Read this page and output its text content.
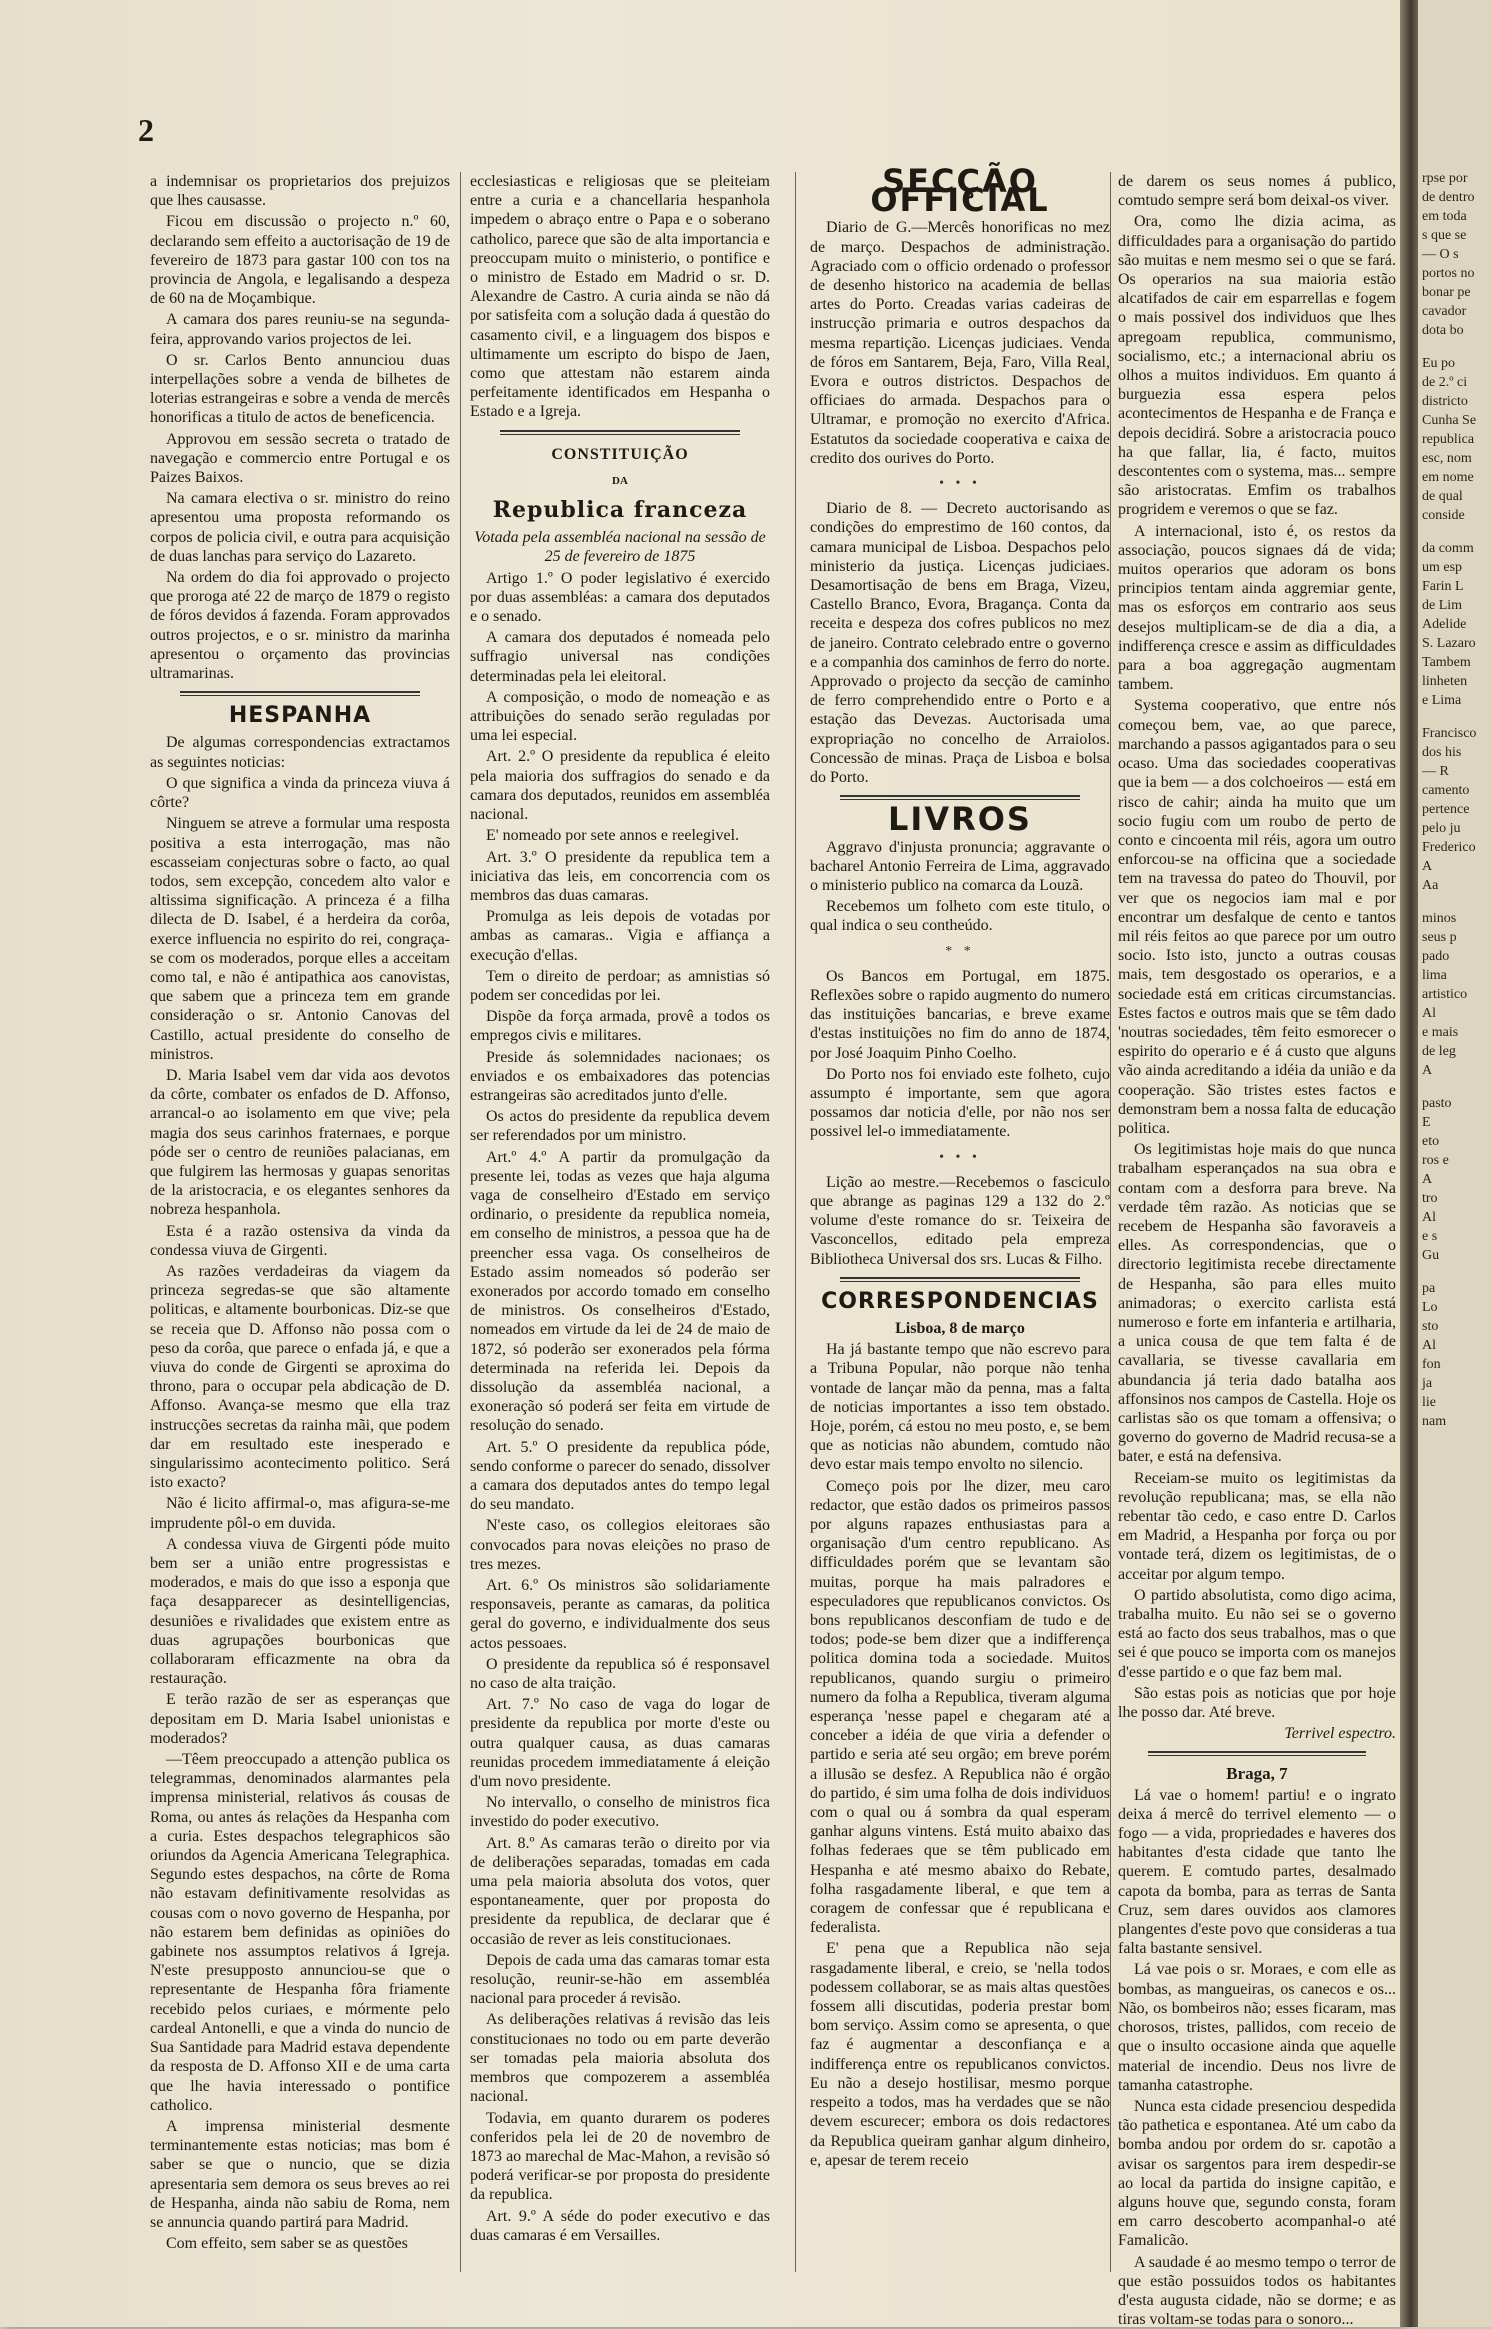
2

a indemnisar os proprietarios dos prejuizos que lhes causasse.

Ficou em discussão o projecto n.º 60, declarando sem effeito a auctorisação de 19 de fevereiro de 1873 para gastar 100 con tos na provincia de Angola, e legalisando a despeza de 60 na de Moçambique.

A camara dos pares reuniu-se na segunda-feira, approvando varios projectos de lei.

O sr. Carlos Bento annunciou duas interpellações sobre a venda de bilhetes de loterias estrangeiras e sobre a venda de mercês honorificas a titulo de actos de beneficencia.

Approvou em sessão secreta o tratado de navegação e commercio entre Portugal e os Paizes Baixos.

Na camara electiva o sr. ministro do reino apresentou uma proposta reformando os corpos de policia civil, e outra para acquisição de duas lanchas para serviço do Lazareto.

Na ordem do dia foi approvado o projecto que proroga até 22 de março de 1879 o registo de fóros devidos á fazenda. Foram approvados outros projectos, e o sr. ministro da marinha apresentou o orçamento das provincias ultramarinas.

HESPANHA

De algumas correspondencias extractamos as seguintes noticias:

O que significa a vinda da princeza viuva á côrte?

Ninguem se atreve a formular uma resposta positiva a esta interrogação, mas não escasseiam conjecturas sobre o facto, ao qual todos, sem excepção, concedem alto valor e altissima significação. A princeza é a filha dilecta de D. Isabel, é a herdeira da corôa, exerce influencia no espirito do rei, congraça-se com os moderados, porque elles a acceitam como tal, e não é antipathica aos canovistas, que sabem que a princeza tem em grande consideração o sr. Antonio Canovas del Castillo, actual presidente do conselho de ministros.

D. Maria Isabel vem dar vida aos devotos da côrte, combater os enfados de D. Affonso, arrancal-o ao isolamento em que vive; pela magia dos seus carinhos fraternaes, e porque póde ser o centro de reuniões palacianas, em que fulgirem las hermosas y guapas senoritas de la aristocracia, e os elegantes senhores da nobreza hespanhola.

Esta é a razão ostensiva da vinda da condessa viuva de Girgenti.

As razões verdadeiras da viagem da princeza segredas-se que são altamente politicas, e altamente bourbonicas. Diz-se que se receia que D. Affonso não possa com o peso da corôa, que parece o enfada já, e que a viuva do conde de Girgenti se aproxima do throno, para o occupar pela abdicação de D. Affonso. Avança-se mesmo que ella traz instrucções secretas da rainha mãi, que podem dar em resultado este inesperado e singularissimo acontecimento politico. Será isto exacto?

Não é licito affirmal-o, mas afigura-se-me imprudente pôl-o em duvida.

A condessa viuva de Girgenti póde muito bem ser a união entre progressistas e moderados, e mais do que isso a esponja que faça desapparecer as desintelligencias, desuniões e rivalidades que existem entre as duas agrupações bourbonicas que collaboraram efficazmente na obra da restauração.

E terão razão de ser as esperanças que depositam em D. Maria Isabel unionistas e moderados?

—Têem preoccupado a attenção publica os telegrammas, denominados alarmantes pela imprensa ministerial, relativos ás cousas de Roma, ou antes ás relações da Hespanha com a curia. Estes despachos telegraphicos são oriundos da Agencia Americana Telegraphica. Segundo estes despachos, na côrte de Roma não estavam definitivamente resolvidas as cousas com o novo governo de Hespanha, por não estarem bem definidas as opiniões do gabinete nos assumptos relativos á Igreja. N'este presupposto annunciou-se que o representante de Hespanha fôra friamente recebido pelos curiaes, e mórmente pelo cardeal Antonelli, e que a vinda do nuncio de Sua Santidade para Madrid estava dependente da resposta de D. Affonso XII e de uma carta que lhe havia interessado o pontifice catholico.

A imprensa ministerial desmente terminantemente estas noticias; mas bom é saber se que o nuncio, que se dizia apresentaria sem demora os seus breves ao rei de Hespanha, ainda não sabiu de Roma, nem se annuncia quando partirá para Madrid.

Com effeito, sem saber se as questões

ecclesiasticas e religiosas que se pleiteiam entre a curia e a chancellaria hespanhola impedem o abraço entre o Papa e o soberano catholico, parece que são de alta importancia e preoccupam muito o ministerio, o pontifice e o ministro de Estado em Madrid o sr. D. Alexandre de Castro. A curia ainda se não dá por satisfeita com a solução dada á questão do casamento civil, e a linguagem dos bispos e ultimamente um escripto do bispo de Jaen, como que attestam não estarem ainda perfeitamente identificados em Hespanha o Estado e a Igreja.

CONSTITUIÇÃO
DA
Republica franceza

Votada pela assembléa nacional na sessão de 25 de fevereiro de 1875

Artigo 1.º O poder legislativo é exercido por duas assembléas: a camara dos deputados e o senado.

A camara dos deputados é nomeada pelo suffragio universal nas condições determinadas pela lei eleitoral.

A composição, o modo de nomeação e as attribuições do senado serão reguladas por uma lei especial.

Art. 2.º O presidente da republica é eleito pela maioria dos suffragios do senado e da camara dos deputados, reunidos em assembléa nacional.

E' nomeado por sete annos e reelegivel.

Art. 3.º O presidente da republica tem a iniciativa das leis, em concorrencia com os membros das duas camaras.

Promulga as leis depois de votadas por ambas as camaras.. Vigia e affiança a execução d'ellas.

Tem o direito de perdoar; as amnistias só podem ser concedidas por lei.

Dispõe da força armada, provê a todos os empregos civis e militares.

Preside ás solemnidades nacionaes; os enviados e os embaixadores das potencias estrangeiras são acreditados junto d'elle.

Os actos do presidente da republica devem ser referendados por um ministro.

Art.º 4.º A partir da promulgação da presente lei, todas as vezes que haja alguma vaga de conselheiro d'Estado em serviço ordinario, o presidente da republica nomeia, em conselho de ministros, a pessoa que ha de preencher essa vaga. Os conselheiros de Estado assim nomeados só poderão ser exonerados por accordo tomado em conselho de ministros. Os conselheiros d'Estado, nomeados em virtude da lei de 24 de maio de 1872, só poderão ser exonerados pela fórma determinada na referida lei. Depois da dissolução da assembléa nacional, a exoneração só poderá ser feita em virtude de resolução do senado.

Art. 5.º O presidente da republica póde, sendo conforme o parecer do senado, dissolver a camara dos deputados antes do tempo legal do seu mandato.

N'este caso, os collegios eleitoraes são convocados para novas eleições no praso de tres mezes.

Art. 6.º Os ministros são solidariamente responsaveis, perante as camaras, da politica geral do governo, e individualmente dos seus actos pessoaes.

O presidente da republica só é responsavel no caso de alta traição.

Art. 7.º No caso de vaga do logar de presidente da republica por morte d'este ou outra qualquer causa, as duas camaras reunidas procedem immediatamente á eleição d'um novo presidente.

No intervallo, o conselho de ministros fica investido do poder executivo.

Art. 8.º As camaras terão o direito por via de deliberações separadas, tomadas em cada uma pela maioria absoluta dos votos, quer espontaneamente, quer por proposta do presidente da republica, de declarar que é occasião de rever as leis constitucionaes.

Depois de cada uma das camaras tomar esta resolução, reunir-se-hão em assembléa nacional para proceder á revisão.

As deliberações relativas á revisão das leis constitucionaes no todo ou em parte deverão ser tomadas pela maioria absoluta dos membros que compozerem a assembléa nacional.

Todavia, em quanto durarem os poderes conferidos pela lei de 20 de novembro de 1873 ao marechal de Mac-Mahon, a revisão só poderá verificar-se por proposta do presidente da republica.

Art. 9.º A séde do poder executivo e das duas camaras é em Versailles.

SECÇÃO OFFICIAL

Diario de G.—Mercês honorificas no mez de março. Despachos de administração. Agraciado com o officio ordenado o professor de desenho historico na academia de bellas artes do Porto. Creadas varias cadeiras de instrucção primaria e outros despachos da mesma repartição. Licenças judiciaes. Venda de fóros em Santarem, Beja, Faro, Villa Real, Evora e outros districtos. Despachos de officiaes do armada. Despachos para o Ultramar, e promoção no exercito d'Africa. Estatutos da sociedade cooperativa e caixa de credito dos ourives do Porto.

• • •

Diario de 8. — Decreto auctorisando as condições do emprestimo de 160 contos, da camara municipal de Lisboa. Despachos pelo ministerio da justiça. Licenças judiciaes. Desamortisação de bens em Braga, Vizeu, Castello Branco, Evora, Bragança. Conta da receita e despeza dos cofres publicos no mez de janeiro. Contrato celebrado entre o governo e a companhia dos caminhos de ferro do norte. Approvado o projecto da secção de caminho de ferro comprehendido entre o Porto e a estação das Devezas. Auctorisada uma expropriação no concelho de Arraiolos. Concessão de minas. Praça de Lisboa e bolsa do Porto.

LIVROS

Aggravo d'injusta pronuncia; aggravante o bacharel Antonio Ferreira de Lima, aggravado o ministerio publico na comarca da Louzã.

Recebemos um folheto com este titulo, o qual indica o seu contheúdo.

* *

Os Bancos em Portugal, em 1875. Reflexões sobre o rapido augmento do numero das instituições bancarias, e breve exame d'estas instituições no fim do anno de 1874, por José Joaquim Pinho Coelho.

Do Porto nos foi enviado este folheto, cujo assumpto é importante, sem que agora possamos dar noticia d'elle, por não nos ser possivel lel-o immediatamente.

• • •

Lição ao mestre.—Recebemos o fasciculo que abrange as paginas 129 a 132 do 2.º volume d'este romance do sr. Teixeira de Vasconcellos, editado pela empreza Bibliotheca Universal dos srs. Lucas & Filho.

CORRESPONDENCIAS
Lisboa, 8 de março

Ha já bastante tempo que não escrevo para a Tribuna Popular, não porque não tenha vontade de lançar mão da penna, mas a falta de noticias importantes a isso tem obstado. Hoje, porém, cá estou no meu posto, e, se bem que as noticias não abundem, comtudo não devo estar mais tempo envolto no silencio.

Começo pois por lhe dizer, meu caro redactor, que estão dados os primeiros passos por alguns rapazes enthusiastas para a organisação d'um centro republicano. As difficuldades porém que se levantam são muitas, porque ha mais palradores e especuladores que republicanos convictos. Os bons republicanos desconfiam de tudo e de todos; pode-se bem dizer que a indifferença politica domina toda a sociedade. Muitos republicanos, quando surgiu o primeiro numero da folha a Republica, tiveram alguma esperança 'nesse papel e chegaram até a conceber a idéia de que viria a defender o partido e seria até seu orgão; em breve porém a illusão se desfez. A Republica não é orgão do partido, é sim uma folha de dois individuos com o qual ou á sombra da qual esperam ganhar alguns vintens. Está muito abaixo das folhas federaes que se têm publicado em Hespanha e até mesmo abaixo do Rebate, folha rasgadamente liberal, e que tem a coragem de confessar que é republicana e federalista.

E' pena que a Republica não seja rasgadamente liberal, e creio, se 'nella todos podessem collaborar, se as mais altas questões fossem alli discutidas, poderia prestar bom bom serviço. Assim como se apresenta, o que faz é augmentar a desconfiança e a indifferença entre os republicanos convictos. Eu não a desejo hostilisar, mesmo porque respeito a todos, mas ha verdades que se não devem escurecer; embora os dois redactores da Republica queiram ganhar algum dinheiro, e, apesar de terem receio

de darem os seus nomes á publico, comtudo sempre será bom deixal-os viver.

Ora, como lhe dizia acima, as difficuldades para a organisação do partido são muitas e nem mesmo sei o que se fará. Os operarios na sua maioria estão alcatifados de cair em esparrellas e fogem o mais possivel dos individuos que lhes apregoam republica, communismo, socialismo, etc.; a internacional abriu os olhos a muitos individuos. Em quanto á burguezia essa espera pelos acontecimentos de Hespanha e de França e depois decidirá. Sobre a aristocracia pouco ha que fallar, lia, é facto, muitos descontentes com o systema, mas... sempre são aristocratas. Emfim os trabalhos progridem e veremos o que se faz.

A internacional, isto é, os restos da associação, poucos signaes dá de vida; muitos operarios que adoram os bons principios tentam ainda aggremiar gente, mas os esforços em contrario aos seus desejos multiplicam-se de dia a dia, a indifferença cresce e assim as difficuldades para a boa aggregação augmentam tambem.

Systema cooperativo, que entre nós começou bem, vae, ao que parece, marchando a passos agigantados para o seu ocaso. Uma das sociedades cooperativas que ia bem — a dos colchoeiros — está em risco de cahir; ainda ha muito que um socio fugiu com um roubo de perto de conto e cincoenta mil réis, agora um outro enforcou-se na officina que a sociedade tem na travessa do pateo do Thouvil, por ver que os negocios iam mal e por encontrar um desfalque de cento e tantos mil réis feitos ao que parece por um outro socio. Isto isto, juncto a outras cousas mais, tem desgostado os operarios, e a sociedade está em criticas circumstancias. Estes factos e outros mais que se têm dado 'noutras sociedades, têm feito esmorecer o espirito do operario e é á custo que alguns vão ainda acreditando a idéia da união e da cooperação. São tristes estes factos e demonstram bem a nossa falta de educação politica.

Os legitimistas hoje mais do que nunca trabalham esperançados na sua obra e contam com a desforra para breve. Na verdade têm razão. As noticias que se recebem de Hespanha são favoraveis a elles. As correspondencias, que o directorio legitimista recebe directamente de Hespanha, são para elles muito animadoras; o exercito carlista está numeroso e forte em infanteria e artilharia, a unica cousa de que tem falta é de cavallaria, se tivesse cavallaria em abundancia já teria dado batalha aos affonsinos nos campos de Castella. Hoje os carlistas são os que tomam a offensiva; o governo do governo de Madrid recusa-se a bater, e está na defensiva.

Receiam-se muito os legitimistas da revolução republicana; mas, se ella não rebentar tão cedo, e caso entre D. Carlos em Madrid, a Hespanha por força ou por vontade terá, dizem os legitimistas, de o acceitar por algum tempo.

O partido absolutista, como digo acima, trabalha muito. Eu não sei se o governo está ao facto dos seus trabalhos, mas o que sei é que pouco se importa com os manejos d'esse partido e o que faz bem mal.

São estas pois as noticias que por hoje lhe posso dar. Até breve.

Terrivel espectro.

Braga, 7

Lá vae o homem! partiu! e o ingrato deixa á mercê do terrivel elemento — o fogo — a vida, propriedades e haveres dos habitantes d'esta cidade que tanto lhe querem. E comtudo partes, desalmado capota da bomba, para as terras de Santa Cruz, sem dares ouvidos aos clamores plangentes d'este povo que consideras a tua falta bastante sensivel.

Lá vae pois o sr. Moraes, e com elle as bombas, as mangueiras, os canecos e os... Não, os bombeiros não; esses ficaram, mas chorosos, tristes, pallidos, com receio de que o insulto occasione ainda que aquelle material de incendio. Deus nos livre de tamanha catastrophe.

Nunca esta cidade presenciou despedida tão pathetica e espontanea. Até um cabo da bomba andou por ordem do sr. capotão a avisar os sargentos para irem despedir-se ao local da partida do insigne capitão, e alguns houve que, segundo consta, foram em carro descoberto acompanhal-o até Famalicão.

A saudade é ao mesmo tempo o terror de que estão possuidos todos os habitantes d'esta augusta cidade, não se dorme; e as tiras voltam-se todas para o sonoro...

rpse por

de dentro

em toda

s que se

— O s

portos no

bonar pe

cavador

dota bo

Eu po

de 2.º ci

districto

Cunha Se

republica

esc, nom

em nome

de qual

conside

da comm

um esp

Farin L

de Lim

Adelide

S. Lazaro

Tambem

linheten

e Lima

Francisco

dos his

— R

camento

pertence

pelo ju

Frederico

A

Aa

minos

seus p

pado

lima

artistico

Al

e mais

de leg

A

pasto

E

eto

ros e

A

tro

Al

e s

Gu

pa

Lo

sto

Al

fon

ja

lie

nam
